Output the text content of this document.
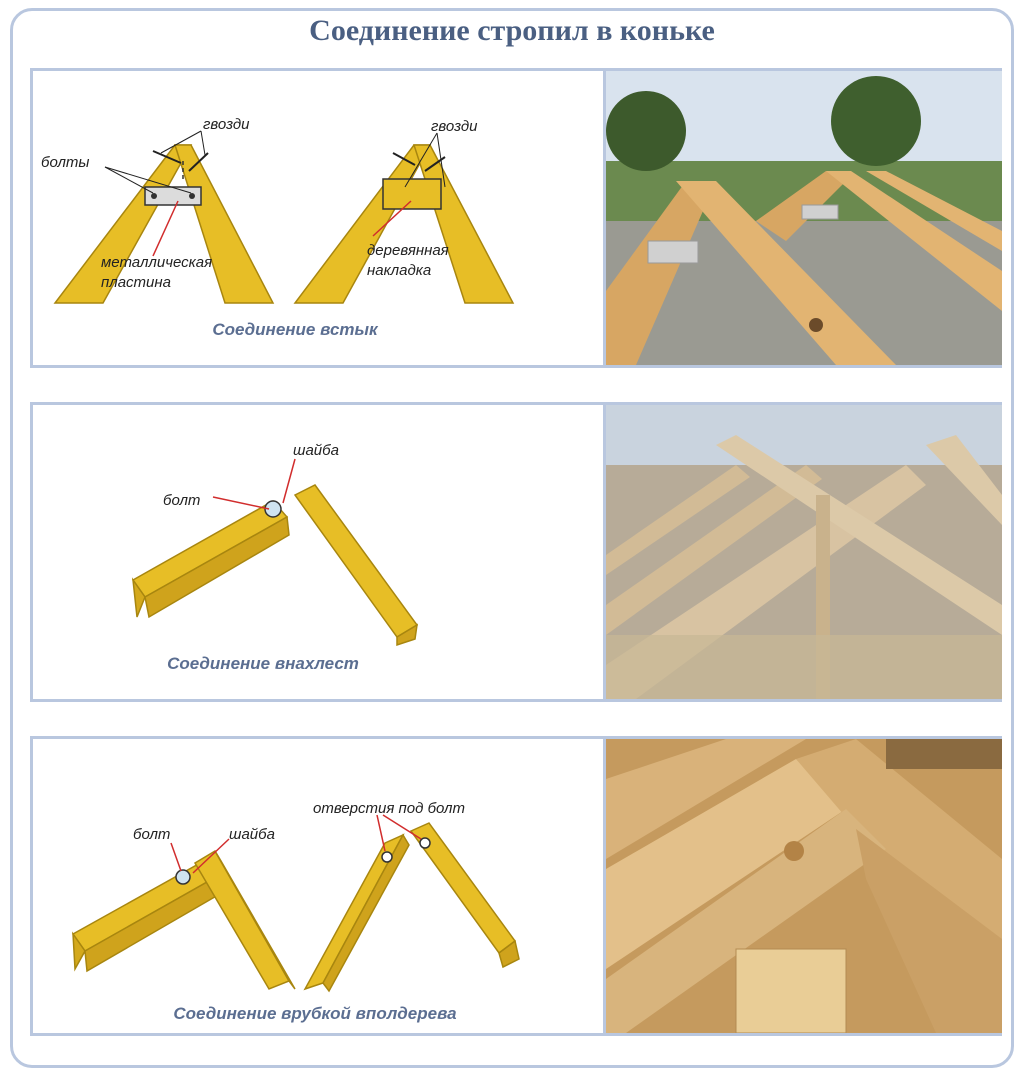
Соединение стропил в коньке
гвозди
болты
металлическая
пластина
гвозди
деревянная
накладка
Соединение встык
шайба
болт
Соединение внахлест
болт	шайба
отверстия под болт
Соединение врубкой вполдерева
